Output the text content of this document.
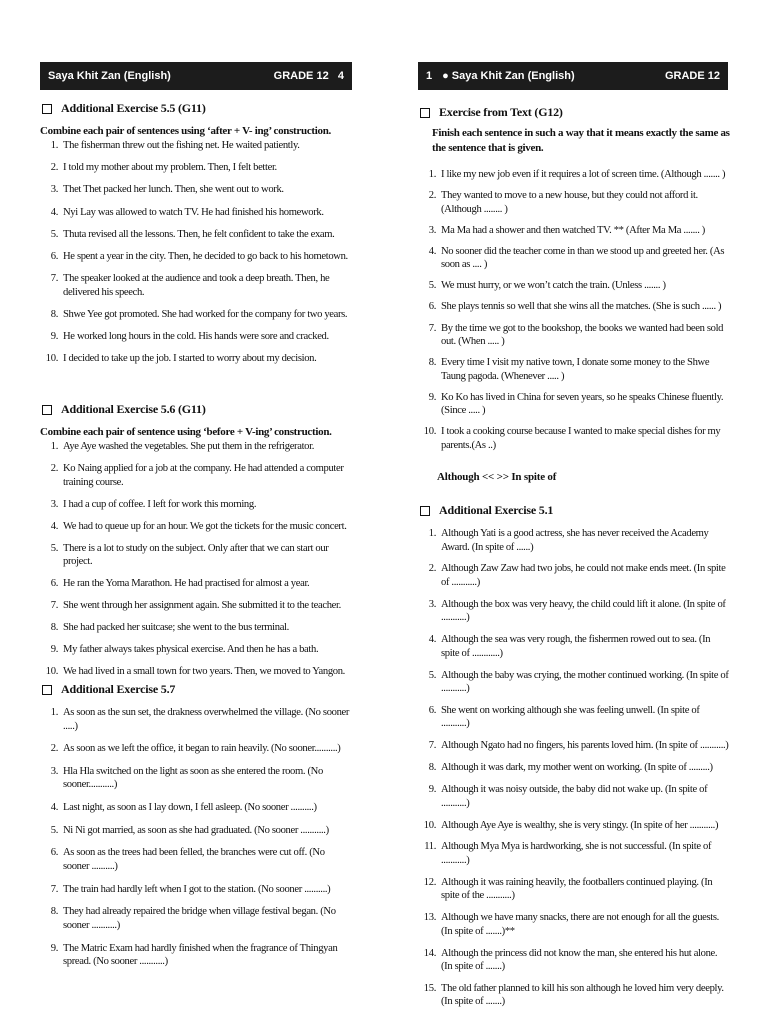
Saya Khit Zan (English)	GRADE 12 4	1 ● Saya Khit Zan (English)	GRADE 12
Additional Exercise 5.5 (G11)
Combine each pair of sentences using ‘after + V- ing’ construction.
1. The fisherman threw out the fishing net. He waited patiently.
2. I told my mother about my problem. Then, I felt better.
3. Thet Thet packed her lunch. Then, she went out to work.
4. Nyi Lay was allowed to watch TV. He had finished his homework.
5. Thuta revised all the lessons. Then, he felt confident to take the exam.
6. He spent a year in the city. Then, he decided to go back to his hometown.
7. The speaker looked at the audience and took a deep breath. Then, he delivered his speech.
8. Shwe Yee got promoted. She had worked for the company for two years.
9. He worked long hours in the cold. His hands were sore and cracked.
10. I decided to take up the job. I started to worry about my decision.
Additional Exercise 5.6 (G11)
Combine each pair of sentence using ‘before + V-ing’ construction.
1. Aye Aye washed the vegetables. She put them in the refrigerator.
2. Ko Naing applied for a job at the company. He had attended a computer training course.
3. I had a cup of coffee. I left for work this morning.
4. We had to queue up for an hour. We got the tickets for the music concert.
5. There is a lot to study on the subject. Only after that we can start our project.
6. He ran the Yoma Marathon. He had practised for almost a year.
7. She went through her assignment again. She submitted it to the teacher.
8. She had packed her suitcase; she went to the bus terminal.
9. My father always takes physical exercise. And then he has a bath.
10. We had lived in a small town for two years. Then, we moved to Yangon.
Additional Exercise 5.7
1. As soon as the sun set, the drakness overwhelmed the village. (No sooner .....)
2. As soon as we left the office, it began to rain heavily. (No sooner..........)
3. Hla Hla switched on the light as soon as she entered the room. (No sooner...........)
4. Last night, as soon as I lay down, I fell asleep. (No sooner ..........)
5. Ni Ni got married, as soon as she had graduated. (No sooner ...........)
6. As soon as the trees had been felled, the branches were cut off. (No sooner ..........)
7. The train had hardly left when I got to the station. (No sooner ..........)
8. They had already repaired the bridge when village festival began. (No sooner ...........)
9. The Matric Exam had hardly finished when the fragrance of Thingyan spread. (No sooner ...........)
Exercise from Text (G12)
Finish each sentence in such a way that it means exactly the same as the sentence that is given.
1. I like my new job even if it requires a lot of screen time. (Although ....... )
2. They wanted to move to a new house, but they could not afford it. (Although ........ )
3. Ma Ma had a shower and then watched TV. ** (After Ma Ma ....... )
4. No sooner did the teacher come in than we stood up and greeted her. (As soon as .... )
5. We must hurry, or we won’t catch the train. (Unless ....... )
6. She plays tennis so well that she wins all the matches. (She is such ...... )
7. By the time we got to the bookshop, the books we wanted had been sold out. (When ..... )
8. Every time I visit my native town, I donate some money to the Shwe Taung pagoda. (Whenever ..... )
9. Ko Ko has lived in China for seven years, so he speaks Chinese fluently. (Since ..... )
10. I took a cooking course because I wanted to make special dishes for my parents.(As ..)
Although << >> In spite of
Additional Exercise 5.1
1. Although Yati is a good actress, she has never received the Academy Award. (In spite of ......)
2. Although Zaw Zaw had two jobs, he could not make ends meet. (In spite of ...........)
3. Although the box was very heavy, the child could lift it alone. (In spite of ...........)
4. Although the sea was very rough, the fishermen rowed out to sea. (In spite of ............)
5. Although the baby was crying, the mother continued working. (In spite of ...........)
6. She went on working although she was feeling unwell. (In spite of ...........)
7. Although Ngato had no fingers, his parents loved him. (In spite of ...........)
8. Although it was dark, my mother went on working. (In spite of .........)
9. Although it was noisy outside, the baby did not wake up. (In spite of ...........)
10. Although Aye Aye is wealthy, she is very stingy. (In spite of her ...........)
11. Although Mya Mya is hardworking, she is not successful. (In spite of ...........)
12. Although it was raining heavily, the footballers continued playing. (In spite of the ...........)
13. Although we have many snacks, there are not enough for all the guests. (In spite of .......)**
14. Although the princess did not know the man, she entered his hut alone. (In spite of .......)
15. The old father planned to kill his son although he loved him very deeply. (In spite of .......)
